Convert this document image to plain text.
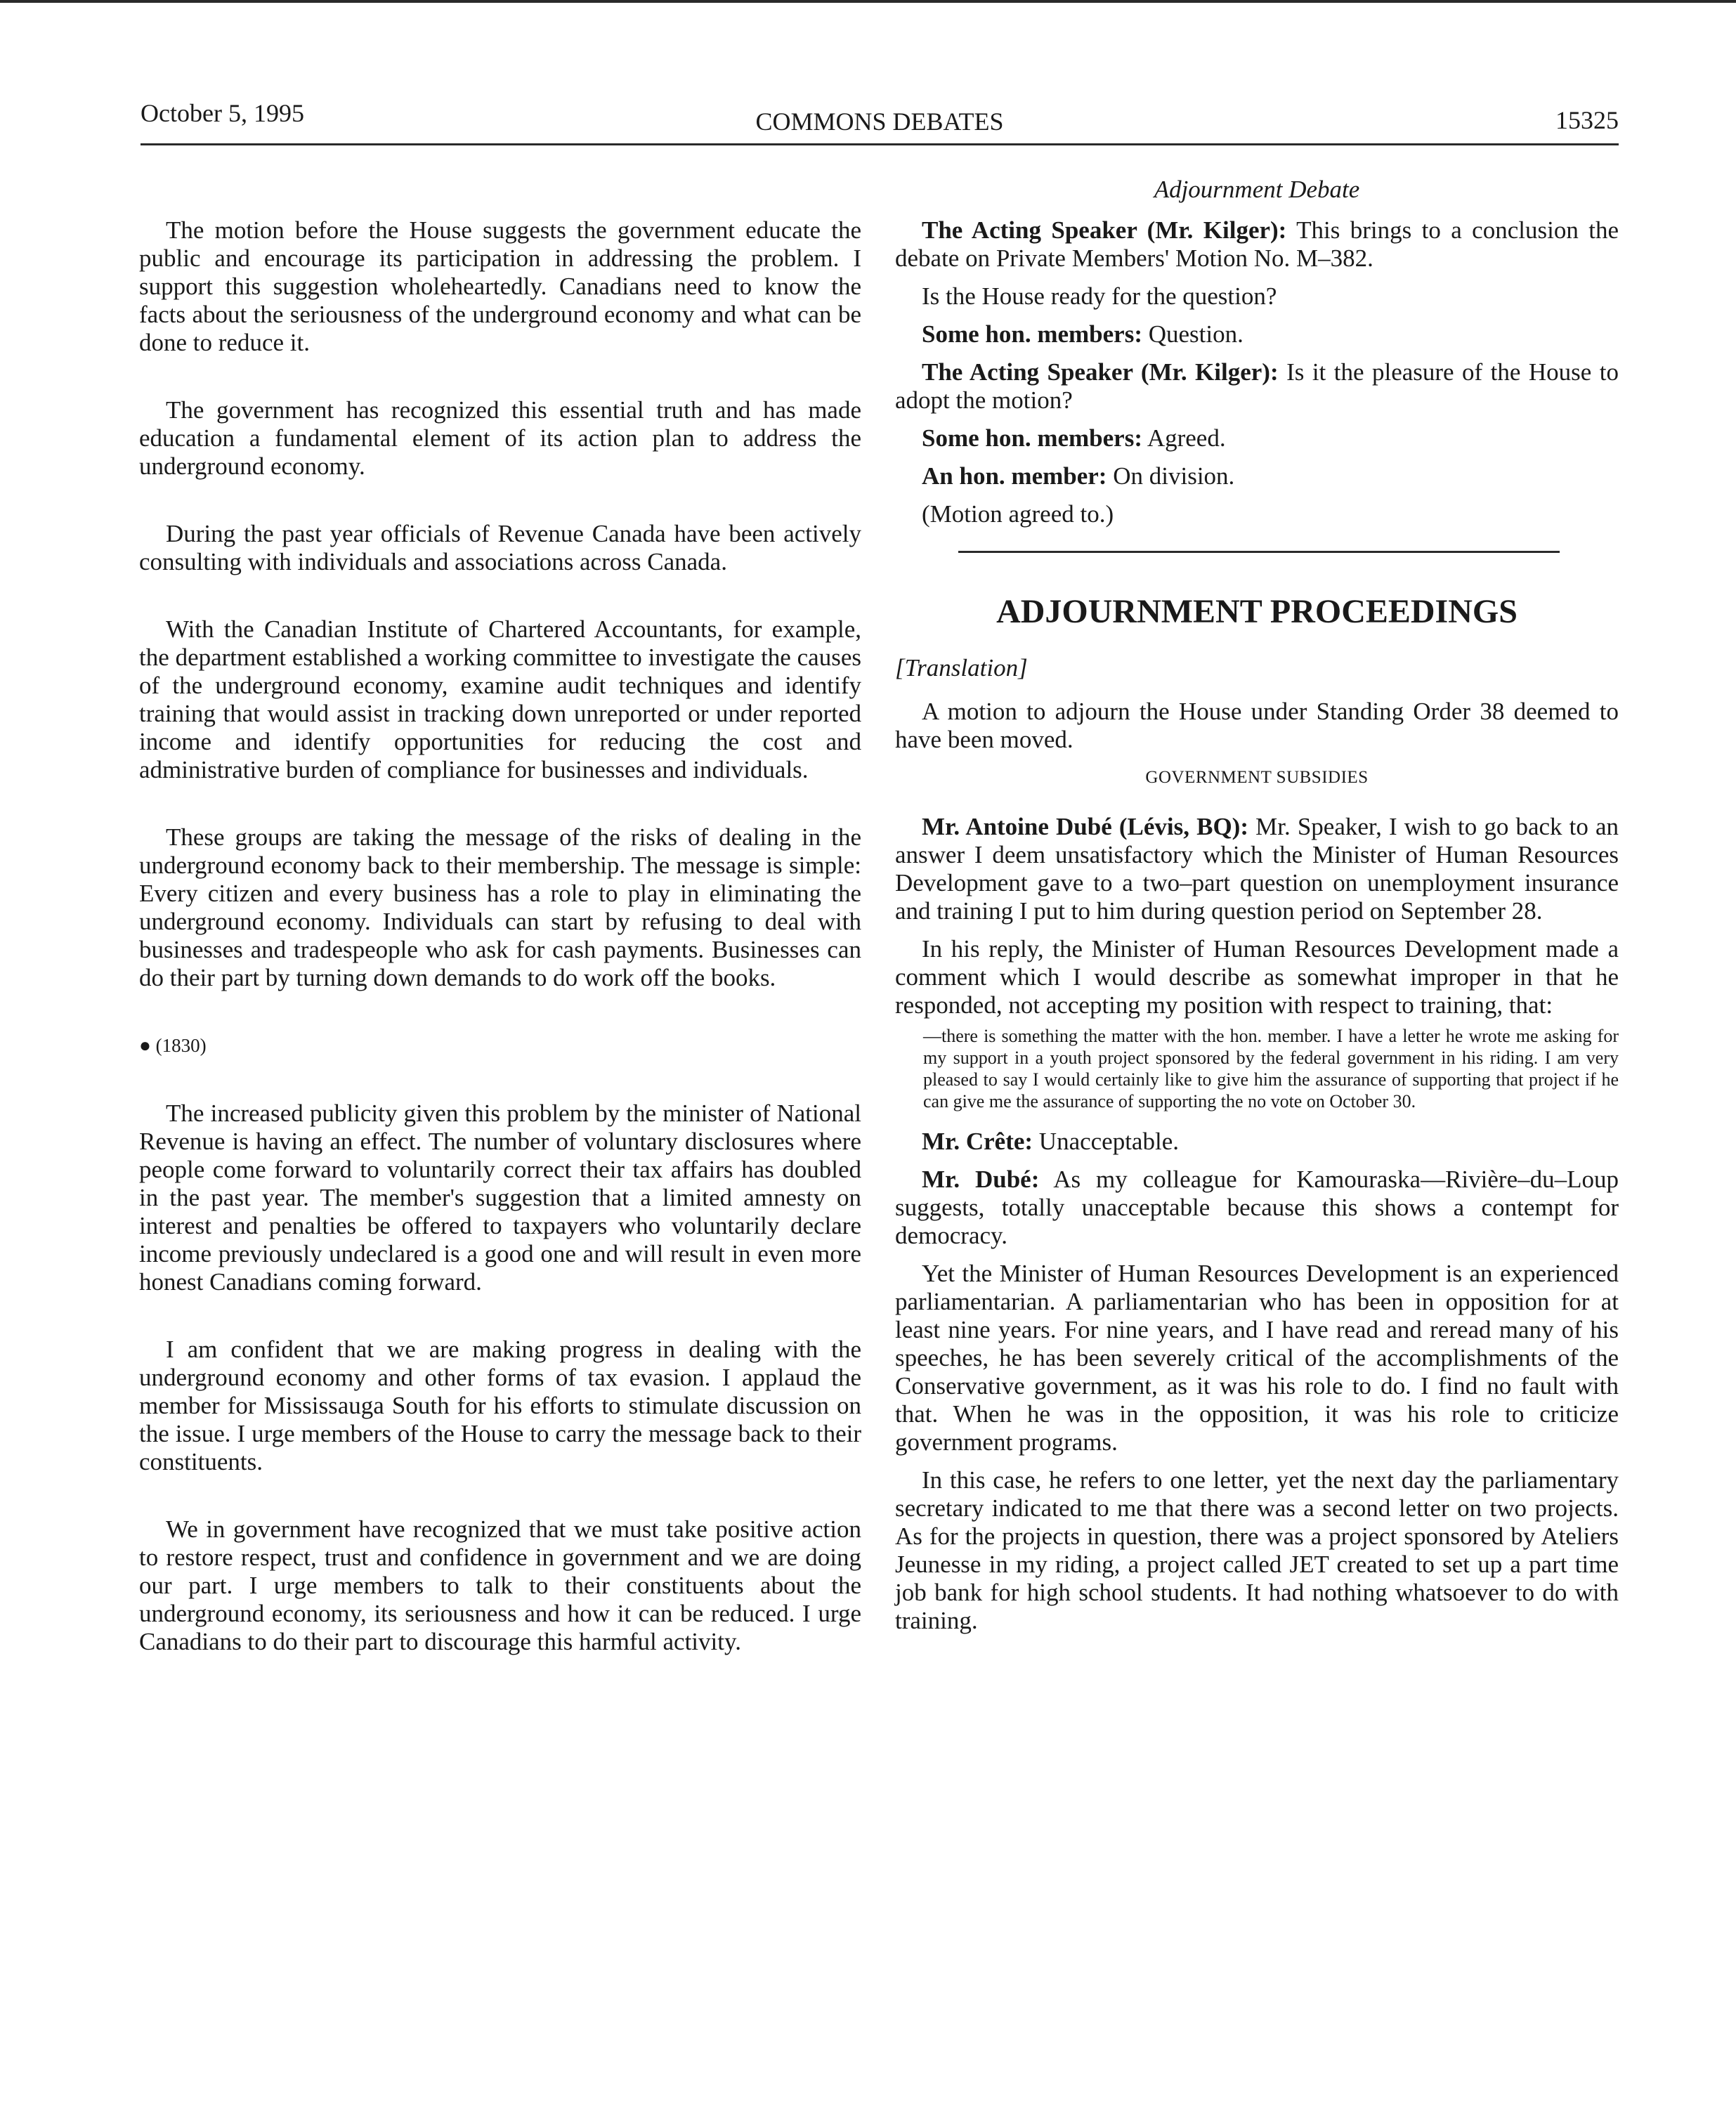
October 5, 1995	COMMONS DEBATES	15325

The motion before the House suggests the government educate the public and encourage its participation in addressing the problem. I support this suggestion wholeheartedly. Canadians need to know the facts about the seriousness of the underground economy and what can be done to reduce it.

The government has recognized this essential truth and has made education a fundamental element of its action plan to address the underground economy.

During the past year officials of Revenue Canada have been actively consulting with individuals and associations across Canada.

With the Canadian Institute of Chartered Accountants, for example, the department established a working committee to investigate the causes of the underground economy, examine audit techniques and identify training that would assist in tracking down unreported or under reported income and identify opportunities for reducing the cost and administrative burden of compliance for businesses and individuals.

These groups are taking the message of the risks of dealing in the underground economy back to their membership. The message is simple: Every citizen and every business has a role to play in eliminating the underground economy. Individuals can start by refusing to deal with businesses and tradespeople who ask for cash payments. Businesses can do their part by turning down demands to do work off the books.

● (1830)

The increased publicity given this problem by the minister of National Revenue is having an effect. The number of voluntary disclosures where people come forward to voluntarily correct their tax affairs has doubled in the past year. The member's suggestion that a limited amnesty on interest and penalties be offered to taxpayers who voluntarily declare income previously undeclared is a good one and will result in even more honest Canadians coming forward.

I am confident that we are making progress in dealing with the underground economy and other forms of tax evasion. I applaud the member for Mississauga South for his efforts to stimulate discussion on the issue. I urge members of the House to carry the message back to their constituents.

We in government have recognized that we must take positive action to restore respect, trust and confidence in government and we are doing our part. I urge members to talk to their constituents about the underground economy, its seriousness and how it can be reduced. I urge Canadians to do their part to discourage this harmful activity.

Adjournment Debate

The Acting Speaker (Mr. Kilger): This brings to a conclusion the debate on Private Members' Motion No. M–382.

Is the House ready for the question?

Some hon. members: Question.

The Acting Speaker (Mr. Kilger): Is it the pleasure of the House to adopt the motion?

Some hon. members: Agreed.

An hon. member: On division.

(Motion agreed to.)

ADJOURNMENT PROCEEDINGS
[Translation]

A motion to adjourn the House under Standing Order 38 deemed to have been moved.

GOVERNMENT SUBSIDIES

Mr. Antoine Dubé (Lévis, BQ): Mr. Speaker, I wish to go back to an answer I deem unsatisfactory which the Minister of Human Resources Development gave to a two–part question on unemployment insurance and training I put to him during question period on September 28.

In his reply, the Minister of Human Resources Development made a comment which I would describe as somewhat improper in that he responded, not accepting my position with respect to training, that:

—there is something the matter with the hon. member. I have a letter he wrote me asking for my support in a youth project sponsored by the federal government in his riding. I am very pleased to say I would certainly like to give him the assurance of supporting that project if he can give me the assurance of supporting the no vote on October 30.

Mr. Crête: Unacceptable.

Mr. Dubé: As my colleague for Kamouraska—Rivière–du–Loup suggests, totally unacceptable because this shows a contempt for democracy.

Yet the Minister of Human Resources Development is an experienced parliamentarian. A parliamentarian who has been in opposition for at least nine years. For nine years, and I have read and reread many of his speeches, he has been severely critical of the accomplishments of the Conservative government, as it was his role to do. I find no fault with that. When he was in the opposition, it was his role to criticize government programs.

In this case, he refers to one letter, yet the next day the parliamentary secretary indicated to me that there was a second letter on two projects. As for the projects in question, there was a project sponsored by Ateliers Jeunesse in my riding, a project called JET created to set up a part time job bank for high school students. It had nothing whatsoever to do with training.
